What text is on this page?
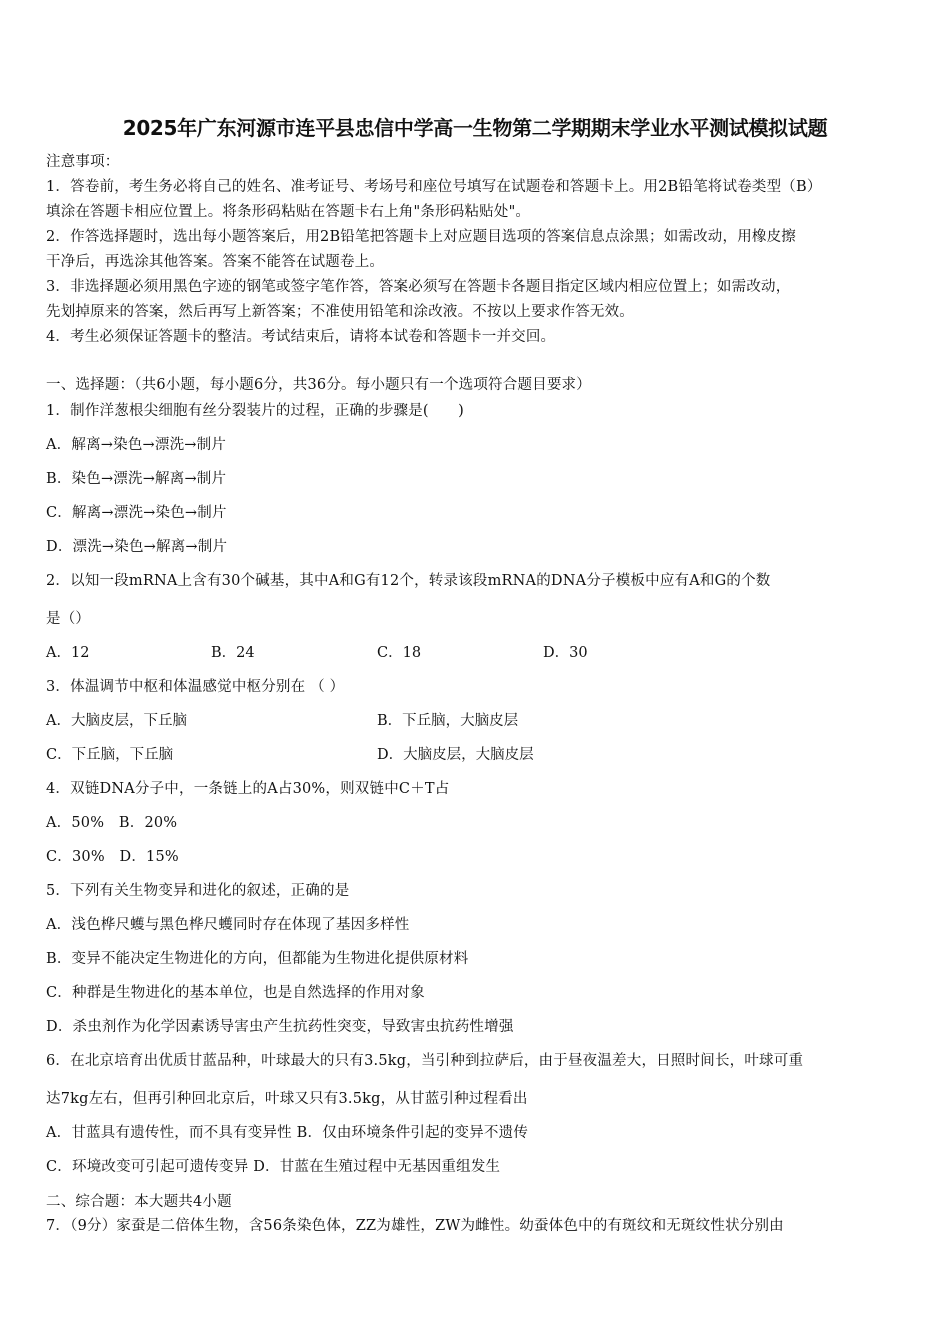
2025年广东河源市连平县忠信中学高一生物第二学期期末学业水平测试模拟试题
注意事项：
1．答卷前，考生务必将自己的姓名、准考证号、考场号和座位号填写在试题卷和答题卡上。用2B铅笔将试卷类型（B）
填涂在答题卡相应位置上。将条形码粘贴在答题卡右上角"条形码粘贴处"。
2．作答选择题时，选出每小题答案后，用2B铅笔把答题卡上对应题目选项的答案信息点涂黑；如需改动，用橡皮擦
干净后，再选涂其他答案。答案不能答在试题卷上。
3．非选择题必须用黑色字迹的钢笔或签字笔作答，答案必须写在答题卡各题目指定区域内相应位置上；如需改动，
先划掉原来的答案，然后再写上新答案；不准使用铅笔和涂改液。不按以上要求作答无效。
4．考生必须保证答题卡的整洁。考试结束后，请将本试卷和答题卡一并交回。
一、选择题：（共6小题，每小题6分，共36分。每小题只有一个选项符合题目要求）
1．制作洋葱根尖细胞有丝分裂装片的过程，正确的步骤是(　　)
A．解离→染色→漂洗→制片
B．染色→漂洗→解离→制片
C．解离→漂洗→染色→制片
D．漂洗→染色→解离→制片
2．以知一段mRNA上含有30个碱基，其中A和G有12个，转录该段mRNA的DNA分子模板中应有A和G的个数
是（）
A．12	B．24	C．18	D．30
3．体温调节中枢和体温感觉中枢分别在 （ ）
A．大脑皮层，下丘脑	B．下丘脑，大脑皮层
C．下丘脑，下丘脑	D．大脑皮层，大脑皮层
4．双链DNA分子中，一条链上的A占30%，则双链中C＋T占
A．50%　B．20%
C．30%　D．15%
5．下列有关生物变异和进化的叙述，正确的是
A．浅色桦尺蠖与黑色桦尺蠖同时存在体现了基因多样性
B．变异不能决定生物进化的方向，但都能为生物进化提供原材料
C．种群是生物进化的基本单位，也是自然选择的作用对象
D．杀虫剂作为化学因素诱导害虫产生抗药性突变，导致害虫抗药性增强
6．在北京培育出优质甘蓝品种，叶球最大的只有3.5kg，当引种到拉萨后，由于昼夜温差大，日照时间长，叶球可重
达7kg左右，但再引种回北京后，叶球又只有3.5kg，从甘蓝引种过程看出
A．甘蓝具有遗传性，而不具有变异性 B．仅由环境条件引起的变异不遗传
C．环境改变可引起可遗传变异 D．甘蓝在生殖过程中无基因重组发生
二、综合题：本大题共4小题
7．（9分）家蚕是二倍体生物，含56条染色体，ZZ为雄性，ZW为雌性。幼蚕体色中的有斑纹和无斑纹性状分别由
